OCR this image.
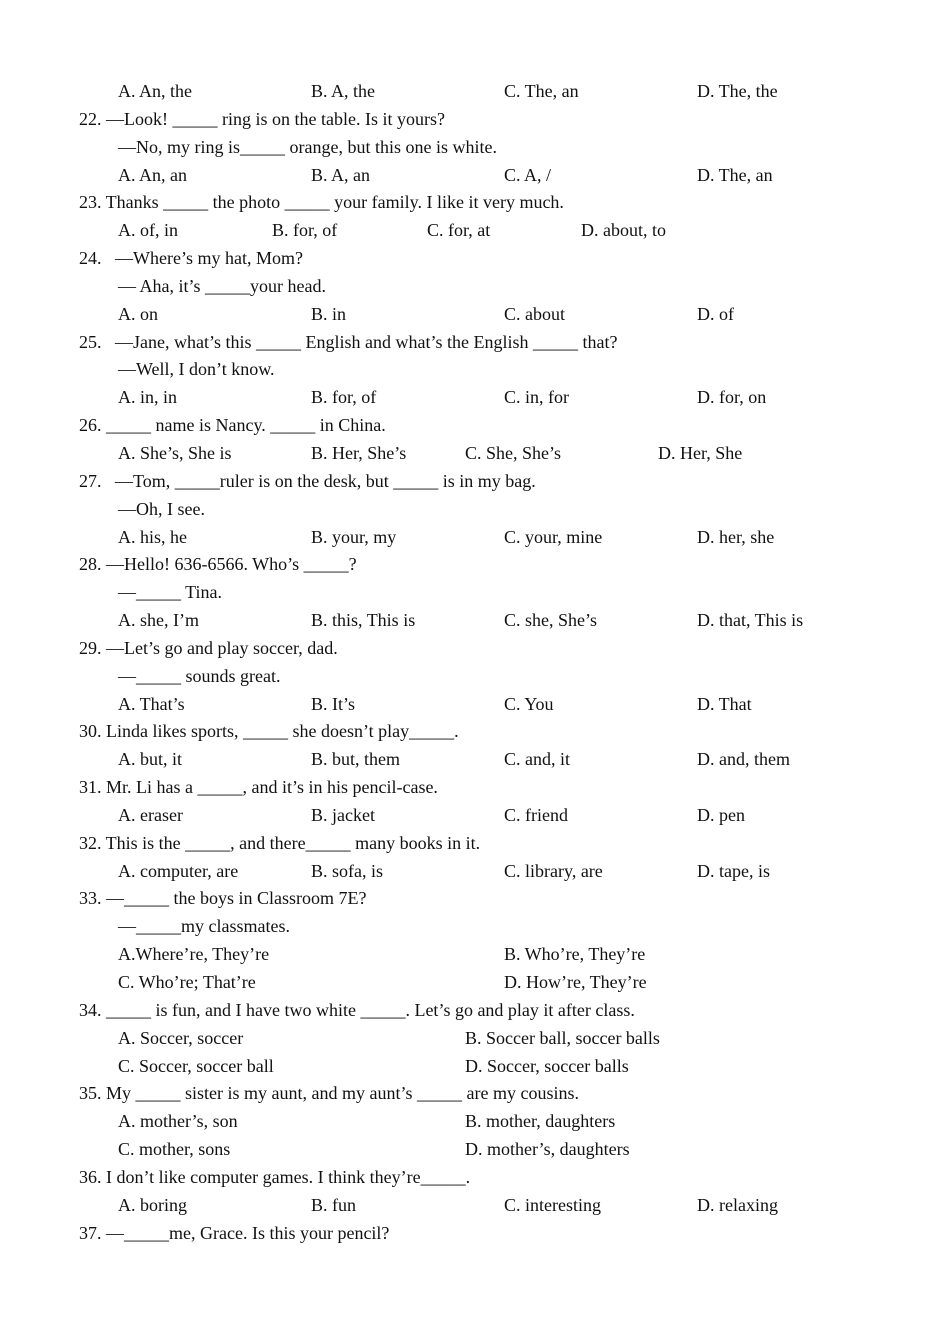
A. An, the	B. A, the	C. The, an	D. The, the
22. —Look! _____ ring is on the table. Is it yours?
—No, my ring is_____ orange, but this one is white.
A. An, an	B. A, an	C. A, /	D. The, an
23. Thanks _____ the photo _____ your family. I like it very much.
A. of, in	B. for, of	C. for, at	D. about, to
24.   —Where’s my hat, Mom?
— Aha, it’s _____your head.
A. on	B. in	C. about	D. of
25.   —Jane, what’s this _____ English and what’s the English _____ that?
—Well, I don’t know.
A. in, in	B. for, of	C. in, for	D. for, on
26. _____ name is Nancy. _____ in China.
A. She’s, She is	B. Her, She’s	C. She, She’s	D. Her, She
27.   —Tom, _____ruler is on the desk, but _____ is in my bag.
—Oh, I see.
A. his, he	B. your, my	C. your, mine	D. her, she
28. —Hello! 636-6566. Who’s _____?
—_____ Tina.
A. she, I’m	B. this, This is	C. she, She’s	D. that, This is
29. —Let’s go and play soccer, dad.
—_____ sounds great.
A. That’s	B. It’s	C. You	D. That
30. Linda likes sports, _____ she doesn’t play_____.
A. but, it	B. but, them	C. and, it	D. and, them
31. Mr. Li has a _____, and it’s in his pencil-case.
A. eraser	B. jacket	C. friend	D. pen
32. This is the _____, and there_____ many books in it.
A. computer, are	B. sofa, is	C. library, are	D. tape, is
33. —_____ the boys in Classroom 7E?
—_____my classmates.
A.Where’re, They’re	B. Who’re, They’re
C. Who’re; That’re	D. How’re, They’re
34. _____ is fun, and I have two white _____. Let’s go and play it after class.
A. Soccer, soccer	B. Soccer ball, soccer balls
C. Soccer, soccer ball	D. Soccer, soccer balls
35. My _____ sister is my aunt, and my aunt’s _____ are my cousins.
A. mother’s, son	B. mother, daughters
C. mother, sons	D. mother’s, daughters
36. I don’t like computer games. I think they’re_____.
A. boring	B. fun	C. interesting	D. relaxing
37. —_____me, Grace. Is this your pencil?
